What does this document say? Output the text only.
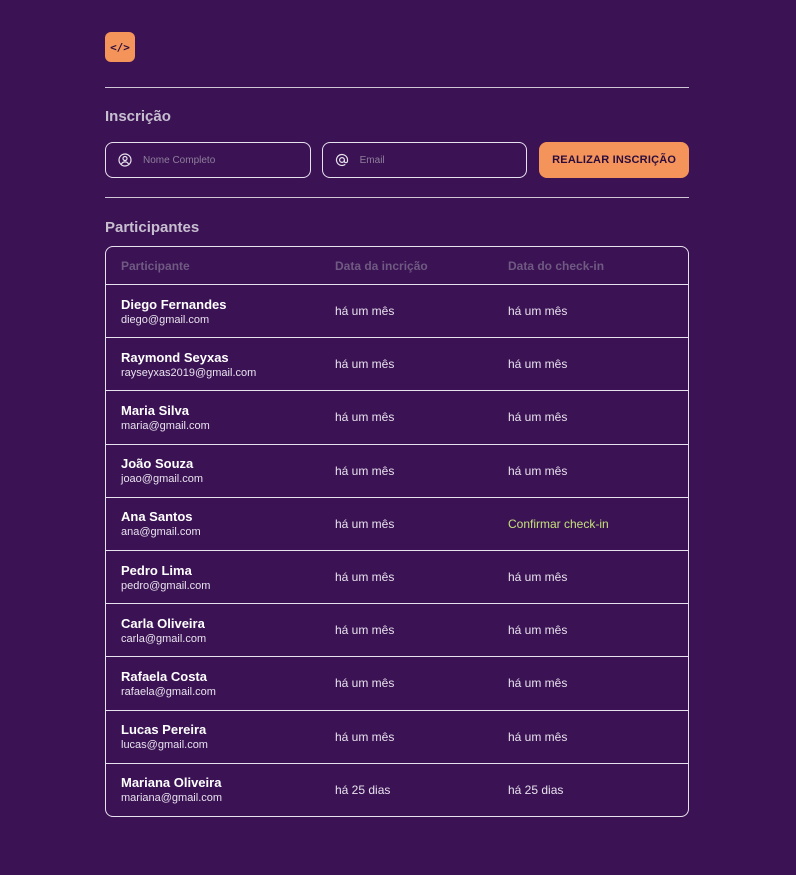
</>
Inscrição
Nome Completo
Email
REALIZAR INSCRIÇÃO
Participantes
Participante	Data da incrição	Data do check-in
Diego Fernandes
diego@gmail.com
há um mês	há um mês
Raymond Seyxas
rayseyxas2019@gmail.com
há um mês	há um mês
Maria Silva
maria@gmail.com
há um mês	há um mês
João Souza
joao@gmail.com
há um mês	há um mês
Ana Santos
ana@gmail.com
há um mês	Confirmar check-in
Pedro Lima
pedro@gmail.com
há um mês	há um mês
Carla Oliveira
carla@gmail.com
há um mês	há um mês
Rafaela Costa
rafaela@gmail.com
há um mês	há um mês
Lucas Pereira
lucas@gmail.com
há um mês	há um mês
Mariana Oliveira
mariana@gmail.com
há 25 dias	há 25 dias
